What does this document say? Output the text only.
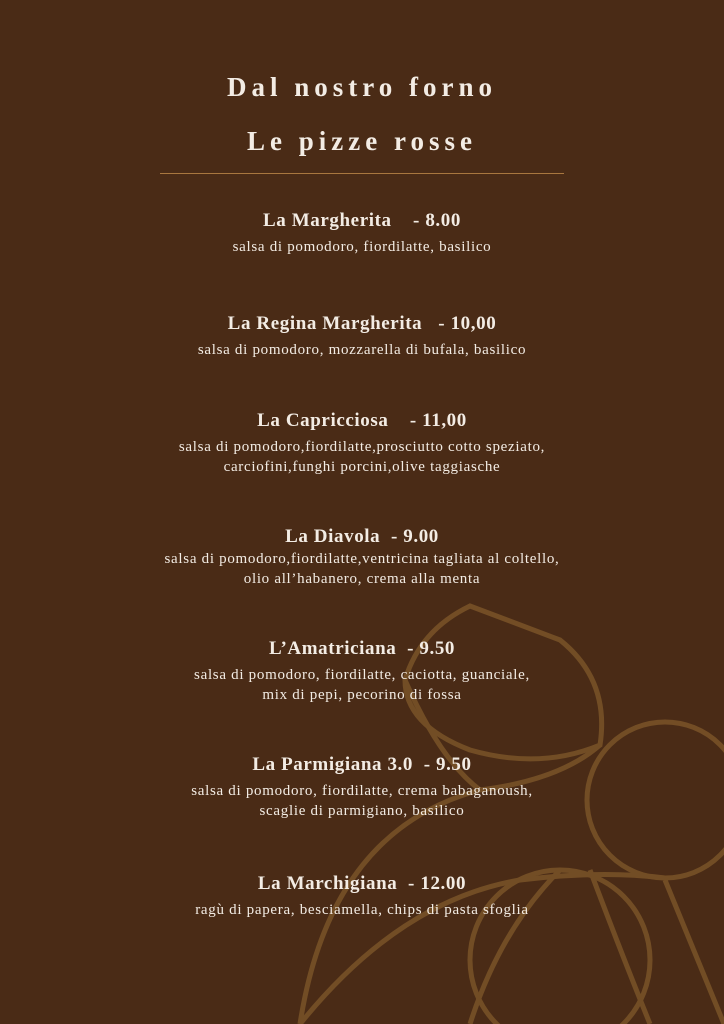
Dal nostro forno
Le pizze rosse
La Margherita    - 8.00
salsa di pomodoro, fiordilatte, basilico
La Regina Margherita   - 10,00
salsa di pomodoro, mozzarella di bufala, basilico
La Capricciosa    - 11,00
salsa di pomodoro,fiordilatte,prosciutto cotto speziato,
carciofini,funghi porcini,olive taggiasche
La Diavola  - 9.00
salsa di pomodoro,fiordilatte,ventricina tagliata al coltello,
olio all’habanero, crema alla menta
L’Amatriciana  - 9.50
salsa di pomodoro, fiordilatte, caciotta, guanciale,
mix di pepi, pecorino di fossa
La Parmigiana 3.0  - 9.50
salsa di pomodoro, fiordilatte, crema babaganoush,
scaglie di parmigiano, basilico
La Marchigiana  - 12.00
ragù di papera, besciamella, chips di pasta sfoglia
